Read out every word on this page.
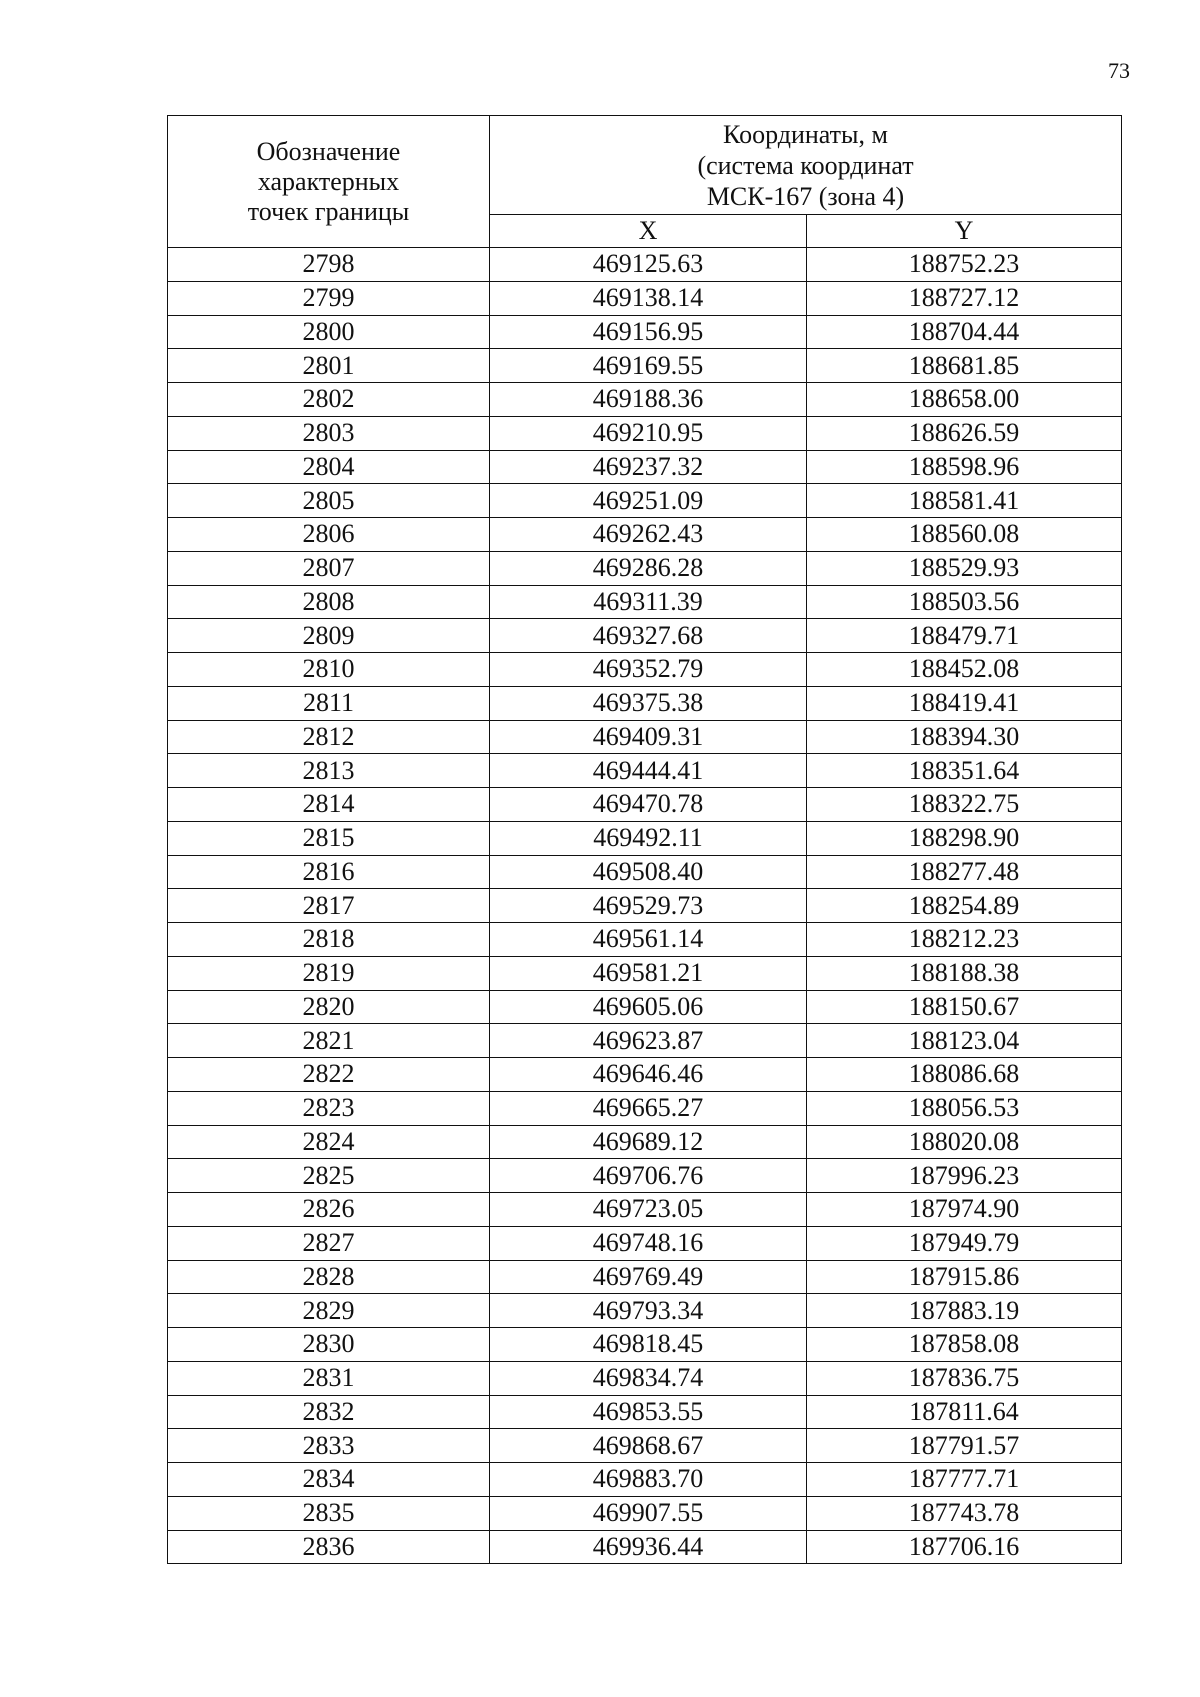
73
Обозначение
характерных
точек границы	Координаты, м
(система координат
МСК-167 (зона 4)	
	X	Y
2798	469125.63	188752.23
2799	469138.14	188727.12
2800	469156.95	188704.44
2801	469169.55	188681.85
2802	469188.36	188658.00
2803	469210.95	188626.59
2804	469237.32	188598.96
2805	469251.09	188581.41
2806	469262.43	188560.08
2807	469286.28	188529.93
2808	469311.39	188503.56
2809	469327.68	188479.71
2810	469352.79	188452.08
2811	469375.38	188419.41
2812	469409.31	188394.30
2813	469444.41	188351.64
2814	469470.78	188322.75
2815	469492.11	188298.90
2816	469508.40	188277.48
2817	469529.73	188254.89
2818	469561.14	188212.23
2819	469581.21	188188.38
2820	469605.06	188150.67
2821	469623.87	188123.04
2822	469646.46	188086.68
2823	469665.27	188056.53
2824	469689.12	188020.08
2825	469706.76	187996.23
2826	469723.05	187974.90
2827	469748.16	187949.79
2828	469769.49	187915.86
2829	469793.34	187883.19
2830	469818.45	187858.08
2831	469834.74	187836.75
2832	469853.55	187811.64
2833	469868.67	187791.57
2834	469883.70	187777.71
2835	469907.55	187743.78
2836	469936.44	187706.16
